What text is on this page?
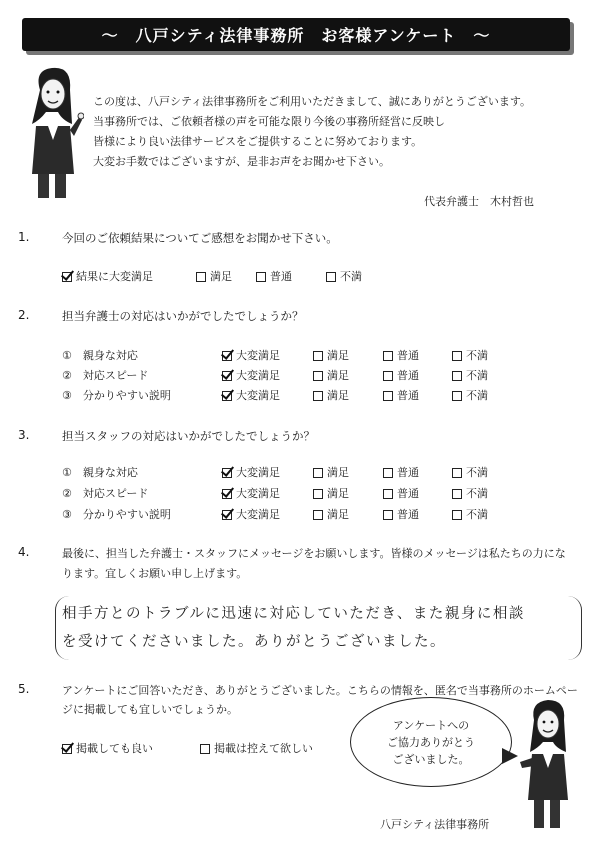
～　八戸シティ法律事務所　お客様アンケート　～
この度は、八戸シティ法律事務所をご利用いただきまして、誠にありがとうございます。
当事務所では、ご依頼者様の声を可能な限り今後の事務所経営に反映し
皆様により良い法律サービスをご提供することに努めております。
大変お手数ではございますが、是非お声をお聞かせ下さい。
代表弁護士　木村哲也
1.	今回のご依頼結果についてご感想をお聞かせ下さい。
結果に大変満足	満足	普通	不満
2.	担当弁護士の対応はいかがでしたでしょうか？
①　 親身な対応	大変満足	満足	普通	不満
②　 対応スピード	大変満足	満足	普通	不満
③　 分かりやすい説明	大変満足	満足	普通	不満
3.	担当スタッフの対応はいかがでしたでしょうか？
①　 親身な対応	大変満足	満足	普通	不満
②　 対応スピード	大変満足	満足	普通	不満
③　 分かりやすい説明	大変満足	満足	普通	不満
4.	最後に、担当した弁護士・スタッフにメッセージをお願いします。皆様のメッセージは私たちの力にな
ります。宜しくお願い申し上げます。
相手方とのトラブルに迅速に対応していただき、また親身に相談
を受けてくださいました。ありがとうございました。
5.	アンケートにご回答いただき、ありがとうございました。こちらの情報を、匿名で当事務所のホームペー
ジに掲載しても宜しいでしょうか。
掲載しても良い	掲載は控えて欲しい
アンケートへの
ご協力ありがとう
ございました。
八戸シティ法律事務所
